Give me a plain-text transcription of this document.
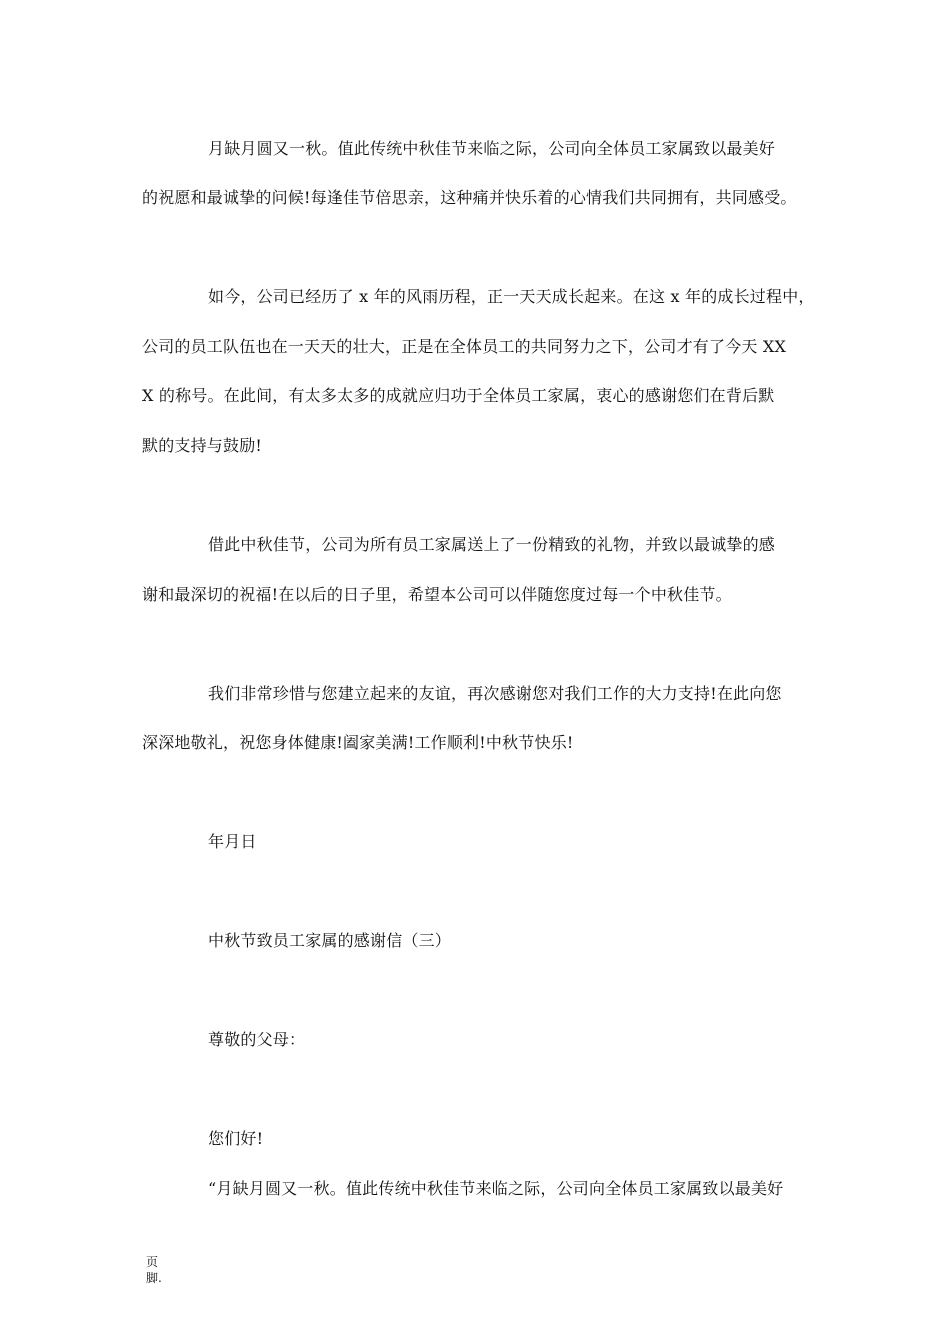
月缺月圆又一秋。值此传统中秋佳节来临之际，公司向全体员工家属致以最美好
的祝愿和最诚挚的问候!每逢佳节倍思亲，这种痛并快乐着的心情我们共同拥有，共同感受。
如今，公司已经历了 x 年的风雨历程，正一天天成长起来。在这 x 年的成长过程中，
公司的员工队伍也在一天天的壮大，正是在全体员工的共同努力之下，公司才有了今天 XX
X 的称号。在此间，有太多太多的成就应归功于全体员工家属，衷心的感谢您们在背后默
默的支持与鼓励!
借此中秋佳节，公司为所有员工家属送上了一份精致的礼物，并致以最诚挚的感
谢和最深切的祝福!在以后的日子里，希望本公司可以伴随您度过每一个中秋佳节。
我们非常珍惜与您建立起来的友谊，再次感谢您对我们工作的大力支持!在此向您
深深地敬礼，祝您身体健康!阖家美满!工作顺利!中秋节快乐!
年月日
中秋节致员工家属的感谢信（三）
尊敬的父母：
您们好!
“月缺月圆又一秋。值此传统中秋佳节来临之际，公司向全体员工家属致以最美好
页
脚.
